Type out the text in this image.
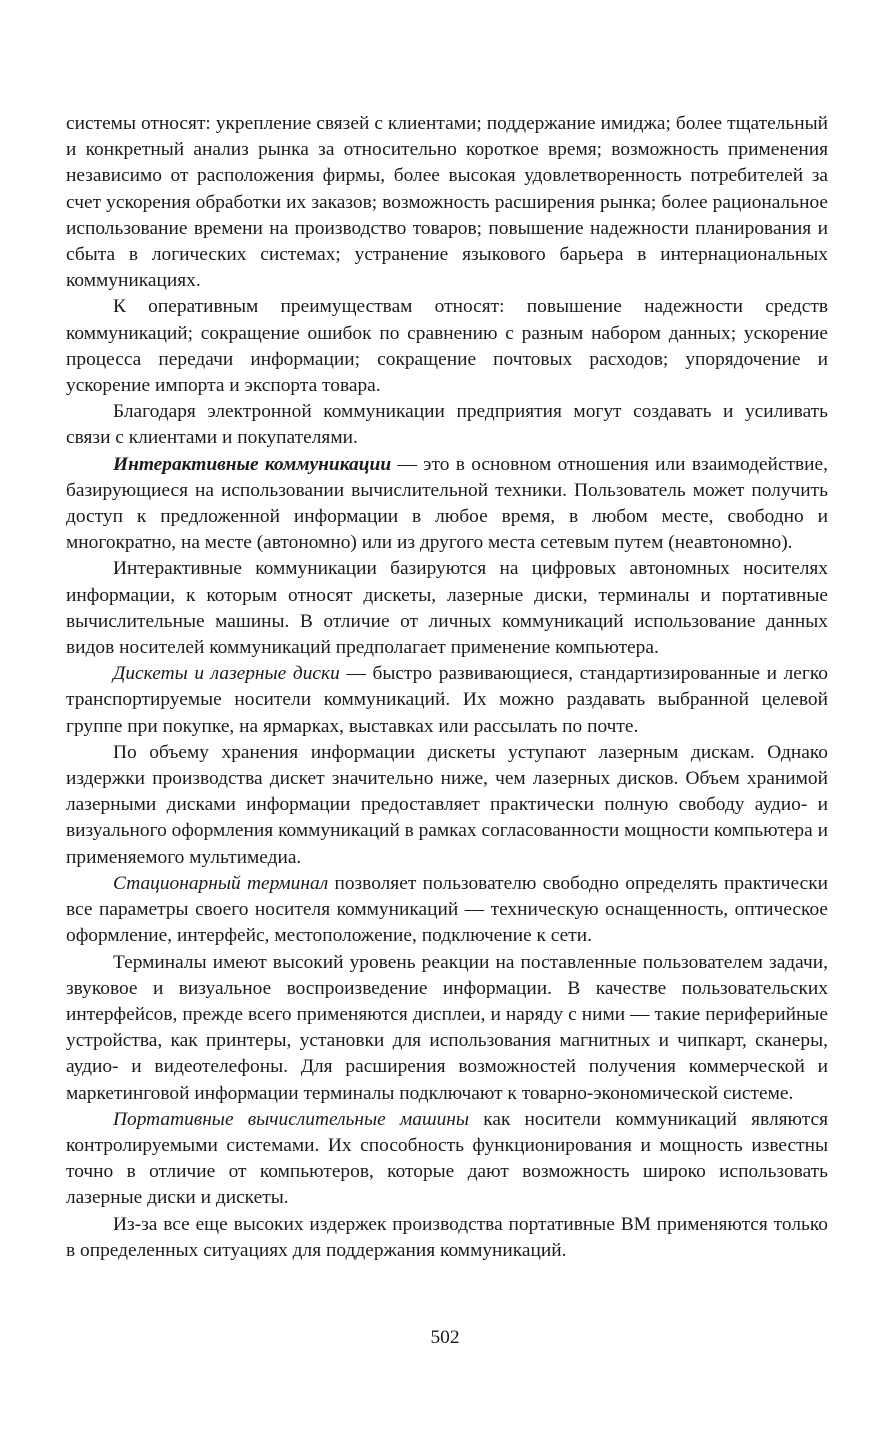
системы относят: укрепление связей с клиентами; поддержание имиджа; более тщательный и конкретный анализ рынка за относительно короткое время; возможность применения независимо от расположения фирмы, более высокая удовлетворенность потребителей за счет ускорения обработки их заказов; возможность расширения рынка; более рациональное использование времени на производство товаров; повышение надежности планирования и сбыта в логических системах; устранение языкового барьера в интернациональных коммуникациях.

К оперативным преимуществам относят: повышение надежности средств коммуникаций; сокращение ошибок по сравнению с разным набором данных; ускорение процесса передачи информации; сокращение почтовых расходов; упорядочение и ускорение импорта и экспорта товара.

Благодаря электронной коммуникации предприятия могут создавать и усиливать связи с клиентами и покупателями.

Интерактивные коммуникации — это в основном отношения или взаимодействие, базирующиеся на использовании вычислительной техники. Пользователь может получить доступ к предложенной информации в любое время, в любом месте, свободно и многократно, на месте (автономно) или из другого места сетевым путем (неавтономно).

Интерактивные коммуникации базируются на цифровых автономных носителях информации, к которым относят дискеты, лазерные диски, терминалы и портативные вычислительные машины. В отличие от личных коммуникаций использование данных видов носителей коммуникаций предполагает применение компьютера.

Дискеты и лазерные диски — быстро развивающиеся, стандартизированные и легко транспортируемые носители коммуникаций. Их можно раздавать выбранной целевой группе при покупке, на ярмарках, выставках или рассылать по почте.

По объему хранения информации дискеты уступают лазерным дискам. Однако издержки производства дискет значительно ниже, чем лазерных дисков. Объем хранимой лазерными дисками информации предоставляет практически полную свободу аудио- и визуального оформления коммуникаций в рамках согласованности мощности компьютера и применяемого мультимедиа.

Стационарный терминал позволяет пользователю свободно определять практически все параметры своего носителя коммуникаций — техническую оснащенность, оптическое оформление, интерфейс, местоположение, подключение к сети.

Терминалы имеют высокий уровень реакции на поставленные пользователем задачи, звуковое и визуальное воспроизведение информации. В качестве пользовательских интерфейсов, прежде всего применяются дисплеи, и наряду с ними — такие периферийные устройства, как принтеры, установки для использования магнитных и чипкарт, сканеры, аудио- и видеотелефоны. Для расширения возможностей получения коммерческой и маркетинговой информации терминалы подключают к товарно-экономической системе.

Портативные вычислительные машины как носители коммуникаций являются контролируемыми системами. Их способность функционирования и мощность известны точно в отличие от компьютеров, которые дают возможность широко использовать лазерные диски и дискеты.

Из-за все еще высоких издержек производства портативные ВМ применяются только в определенных ситуациях для поддержания коммуникаций.

502
